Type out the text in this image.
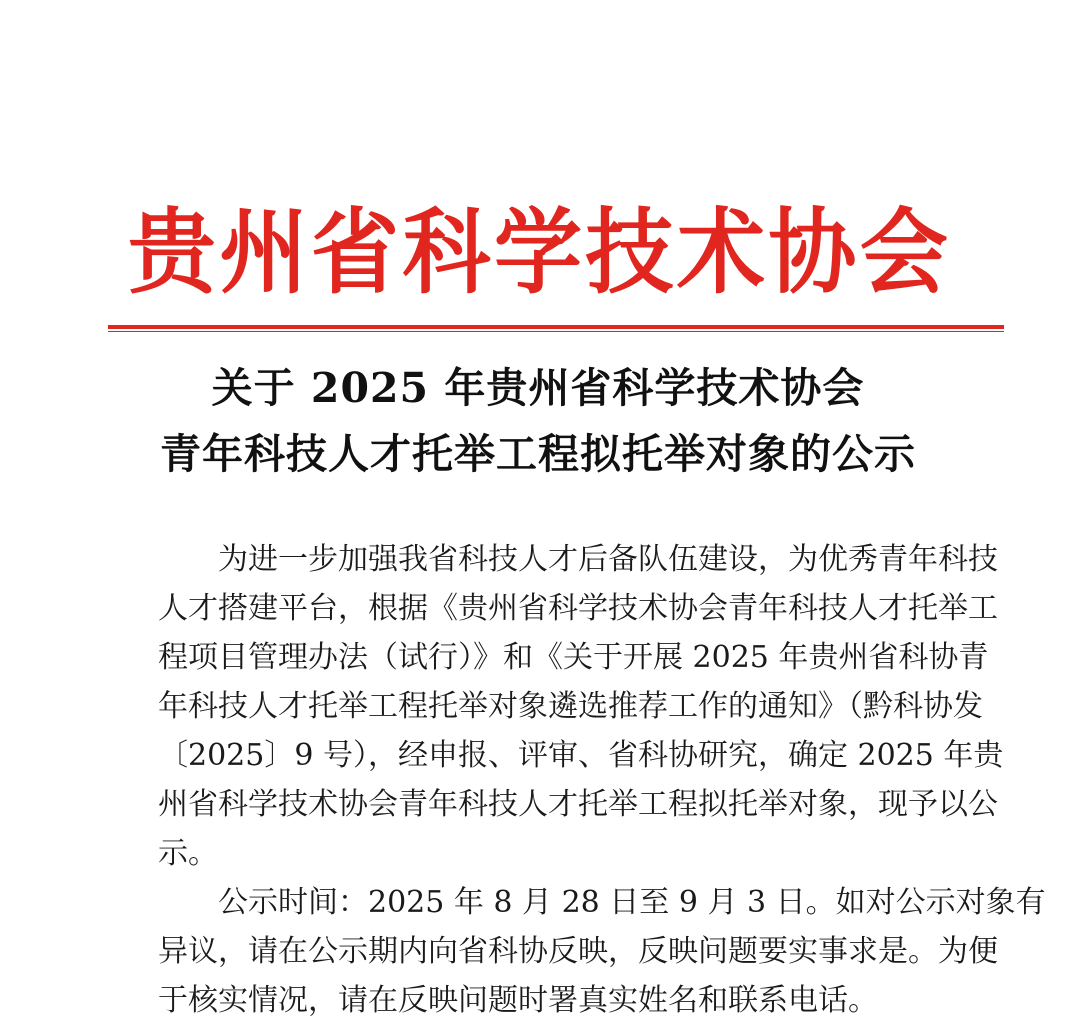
贵 州 省 科 学 技 术 协 会
关于 2025 年贵州省科学技术协会
青年科技人才托举工程拟托举对象的公示
为进一步加强我省科技人才后备队伍建设，为优秀青年科技
人才搭建平台，根据《贵州省科学技术协会青年科技人才托举工
程项目管理办法（试行）》和《关于开展 2025 年贵州省科协青
年科技人才托举工程托举对象遴选推荐工作的通知》（黔科协发
〔2025〕9 号），经申报、评审、省科协研究，确定 2025 年贵
州省科学技术协会青年科技人才托举工程拟托举对象，现予以公
示。
公示时间：2025 年 8 月 28 日至 9 月 3 日。如对公示对象有
异议，请在公示期内向省科协反映，反映问题要实事求是。为便
于核实情况，请在反映问题时署真实姓名和联系电话。
